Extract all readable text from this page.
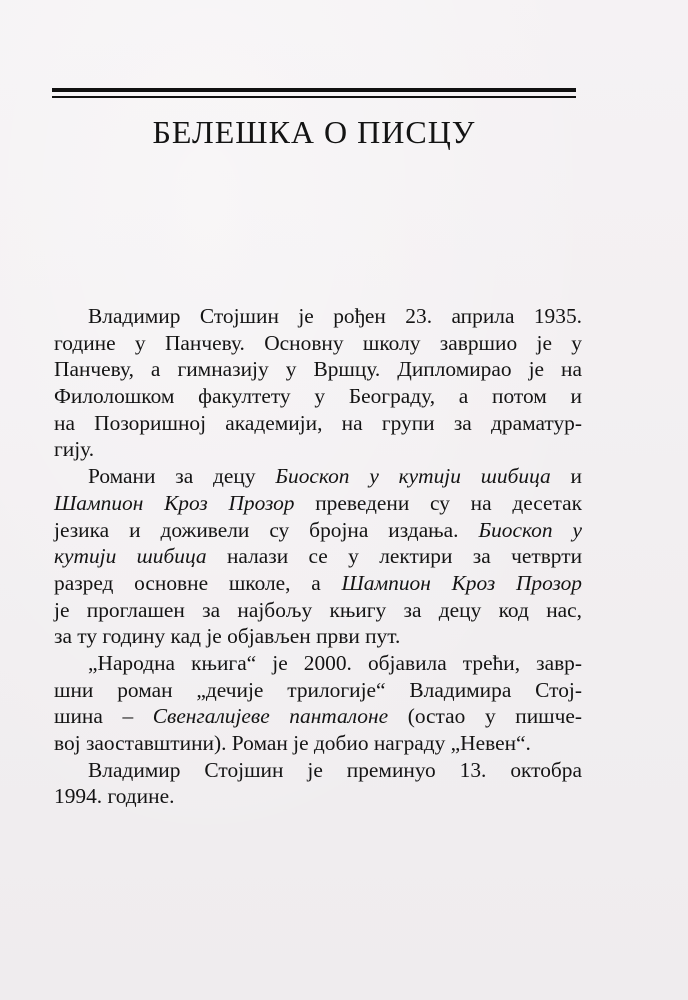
БЕЛЕШКА О ПИСЦУ
Владимир Стојшин је рођен 23. априла 1935.
године у Панчеву. Основну школу завршио је у
Панчеву, а гимназију у Вршцу. Дипломирао је на
Филолошком факултету у Београду, а потом и
на Позоришној академији, на групи за драматур-
гију.
Романи за децу Биоскоп у кутији шибица и
Шампион Кроз Прозор преведени су на десетак
језика и доживели су бројна издања. Биоскоп у
кутији шибица налази се у лектири за четврти
разред основне школе, а Шампион Кроз Прозор
је проглашен за најбољу књигу за децу код нас,
за ту годину кад је објављен први пут.
„Народна књига“ је 2000. објавила трећи, завр-
шни роман „дечије трилогије“ Владимира Стој-
шина – Свенгалијеве панталоне (остао у пишче-
вој заоставштини). Роман је добио награду „Невен“.
Владимир Стојшин је преминуо 13. октобра
1994. године.
